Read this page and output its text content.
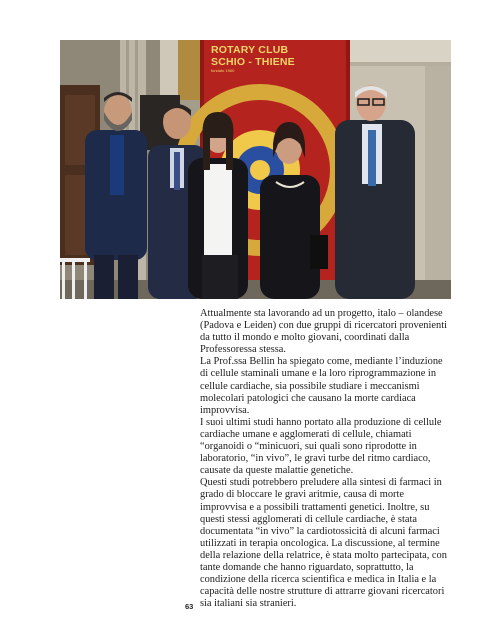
ROTARY CLUB
SCHIO - THIENE
fondato 1960

Attualmente sta lavorando ad un progetto, italo – olandese (Padova e Leiden) con due gruppi di ricercatori provenienti da tutto il mondo e molto giovani, coordinati dalla Professoressa stessa.

La Prof.ssa Bellin ha spiegato come, mediante l’induzione di cellule staminali umane e la loro riprogrammazione in cellule cardiache, sia possibile studiare i meccanismi molecolari patologici che causano la morte cardiaca improvvisa.

I suoi ultimi studi hanno portato alla produzione di cellule cardiache umane e agglomerati di cellule, chiamati “organoidi o “minicuori, sui quali sono riprodotte in laboratorio, “in vivo”, le gravi turbe del ritmo cardiaco, causate da queste malattie genetiche.

Questi studi potrebbero preludere alla sintesi di farmaci in grado di bloccare le gravi aritmie, causa di morte improvvisa e a possibili trattamenti genetici. Inoltre, su questi stessi agglomerati di cellule cardiache, è stata documentata “in vivo” la cardiotossicità di alcuni farmaci utilizzati in terapia oncologica. La discussione, al termine della relazione della relatrice, è stata molto partecipata, con tante domande che hanno riguardato, soprattutto, la condizione della ricerca scientifica e medica in Italia e la capacità delle nostre strutture di attrarre giovani ricercatori sia italiani sia stranieri.

63
